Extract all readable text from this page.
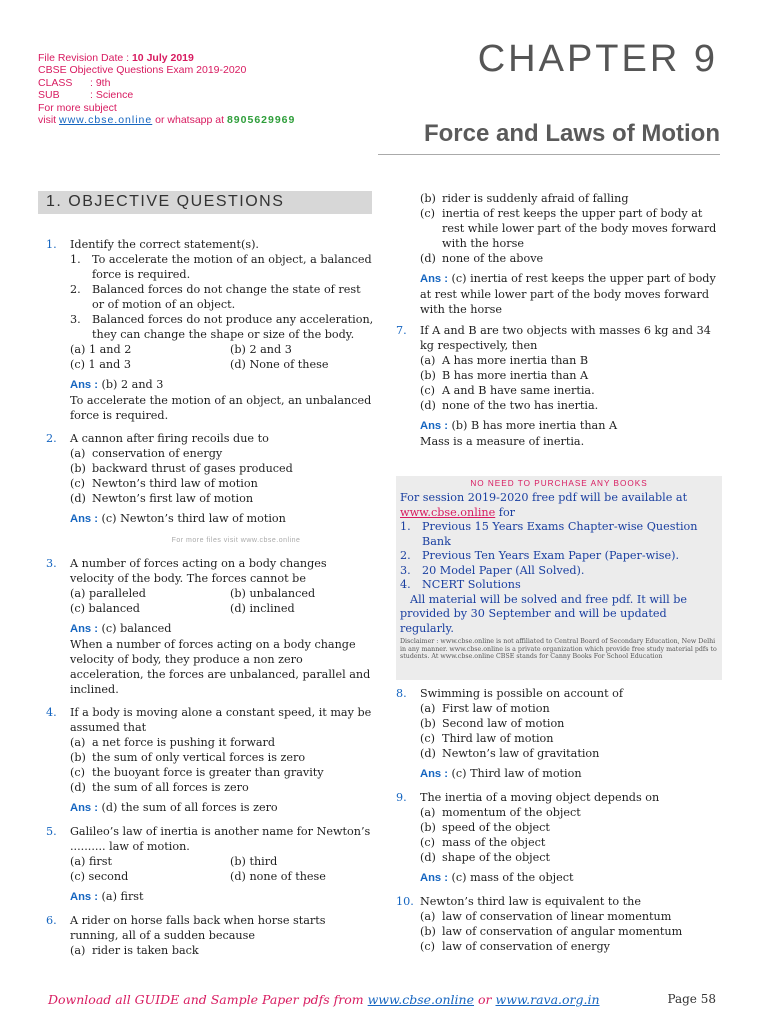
File Revision Date : 10 July 2019
CBSE Objective Questions Exam 2019-2020
CLASS : 9th
SUB	: Science
For more subject
visit www.cbse.online or whatsapp at 8905629969
CHAPTER 9
Force and Laws of Motion
1. OBJECTIVE QUESTIONS
1. Identify the correct statement(s).
1.	To accelerate the motion of an object, a balanced force is required.
2.	Balanced forces do not change the state of rest or of motion of an object.
3.	Balanced forces do not produce any acceleration, they can change the shape or size of the body.
(a) 1 and 2	(b) 2 and 3
(c) 1 and 3	(d) None of these
Ans : (b) 2 and 3
To accelerate the motion of an object, an unbalanced force is required.
2. A cannon after firing recoils due to
(a) conservation of energy
(b) backward thrust of gases produced
(c) Newton’s third law of motion
(d) Newton’s first law of motion
Ans : (c) Newton’s third law of motion
For more files visit www.cbse.online
3. A number of forces acting on a body changes velocity of the body. The forces cannot be
(a) paralleled	(b) unbalanced
(c) balanced	(d) inclined
Ans : (c) balanced
When a number of forces acting on a body change velocity of body, they produce a non zero acceleration, the forces are unbalanced, parallel and inclined.
4. If a body is moving alone a constant speed, it may be assumed that
(a) a net force is pushing it forward
(b) the sum of only vertical forces is zero
(c) the buoyant force is greater than gravity
(d) the sum of all forces is zero
Ans : (d) the sum of all forces is zero
5. Galileo’s law of inertia is another name for Newton’s .......... law of motion.
(a) first	(b) third
(c) second	(d) none of these
Ans : (a) first
6. A rider on horse falls back when horse starts running, all of a sudden because
(a) rider is taken back
(b) rider is suddenly afraid of falling
(c) inertia of rest keeps the upper part of body at rest while lower part of the body moves forward with the horse
(d) none of the above
Ans : (c) inertia of rest keeps the upper part of body at rest while lower part of the body moves forward with the horse
7. If A and B are two objects with masses 6 kg and 34 kg respectively, then
(a) A has more inertia than B
(b) B has more inertia than A
(c) A and B have same inertia.
(d) none of the two has inertia.
Ans : (b) B has more inertia than A
Mass is a measure of inertia.
NO NEED TO PURCHASE ANY BOOKS
For session 2019-2020 free pdf will be available at
www.cbse.online for
1.	Previous 15 Years Exams Chapter-wise Question Bank
2.	Previous Ten Years Exam Paper (Paper-wise).
3.	20 Model Paper (All Solved).
4.	NCERT Solutions
All material will be solved and free pdf. It will be provided by 30 September and will be updated regularly.
Disclaimer : www.cbse.online is not affiliated to Central Board of Secondary Education, New Delhi in any manner. www.cbse.online is a private organization which provide free study material pdfs to students. At www.cbse.online CBSE stands for Canny Books For School Education
8. Swimming is possible on account of
(a) First law of motion
(b) Second law of motion
(c) Third law of motion
(d) Newton’s law of gravitation
Ans : (c) Third law of motion
9. The inertia of a moving object depends on
(a) momentum of the object
(b) speed of the object
(c) mass of the object
(d) shape of the object
Ans : (c) mass of the object
10. Newton’s third law is equivalent to the
(a) law of conservation of linear momentum
(b) law of conservation of angular momentum
(c) law of conservation of energy
Download all GUIDE and Sample Paper pdfs from www.cbse.online or www.rava.org.in	Page 58
